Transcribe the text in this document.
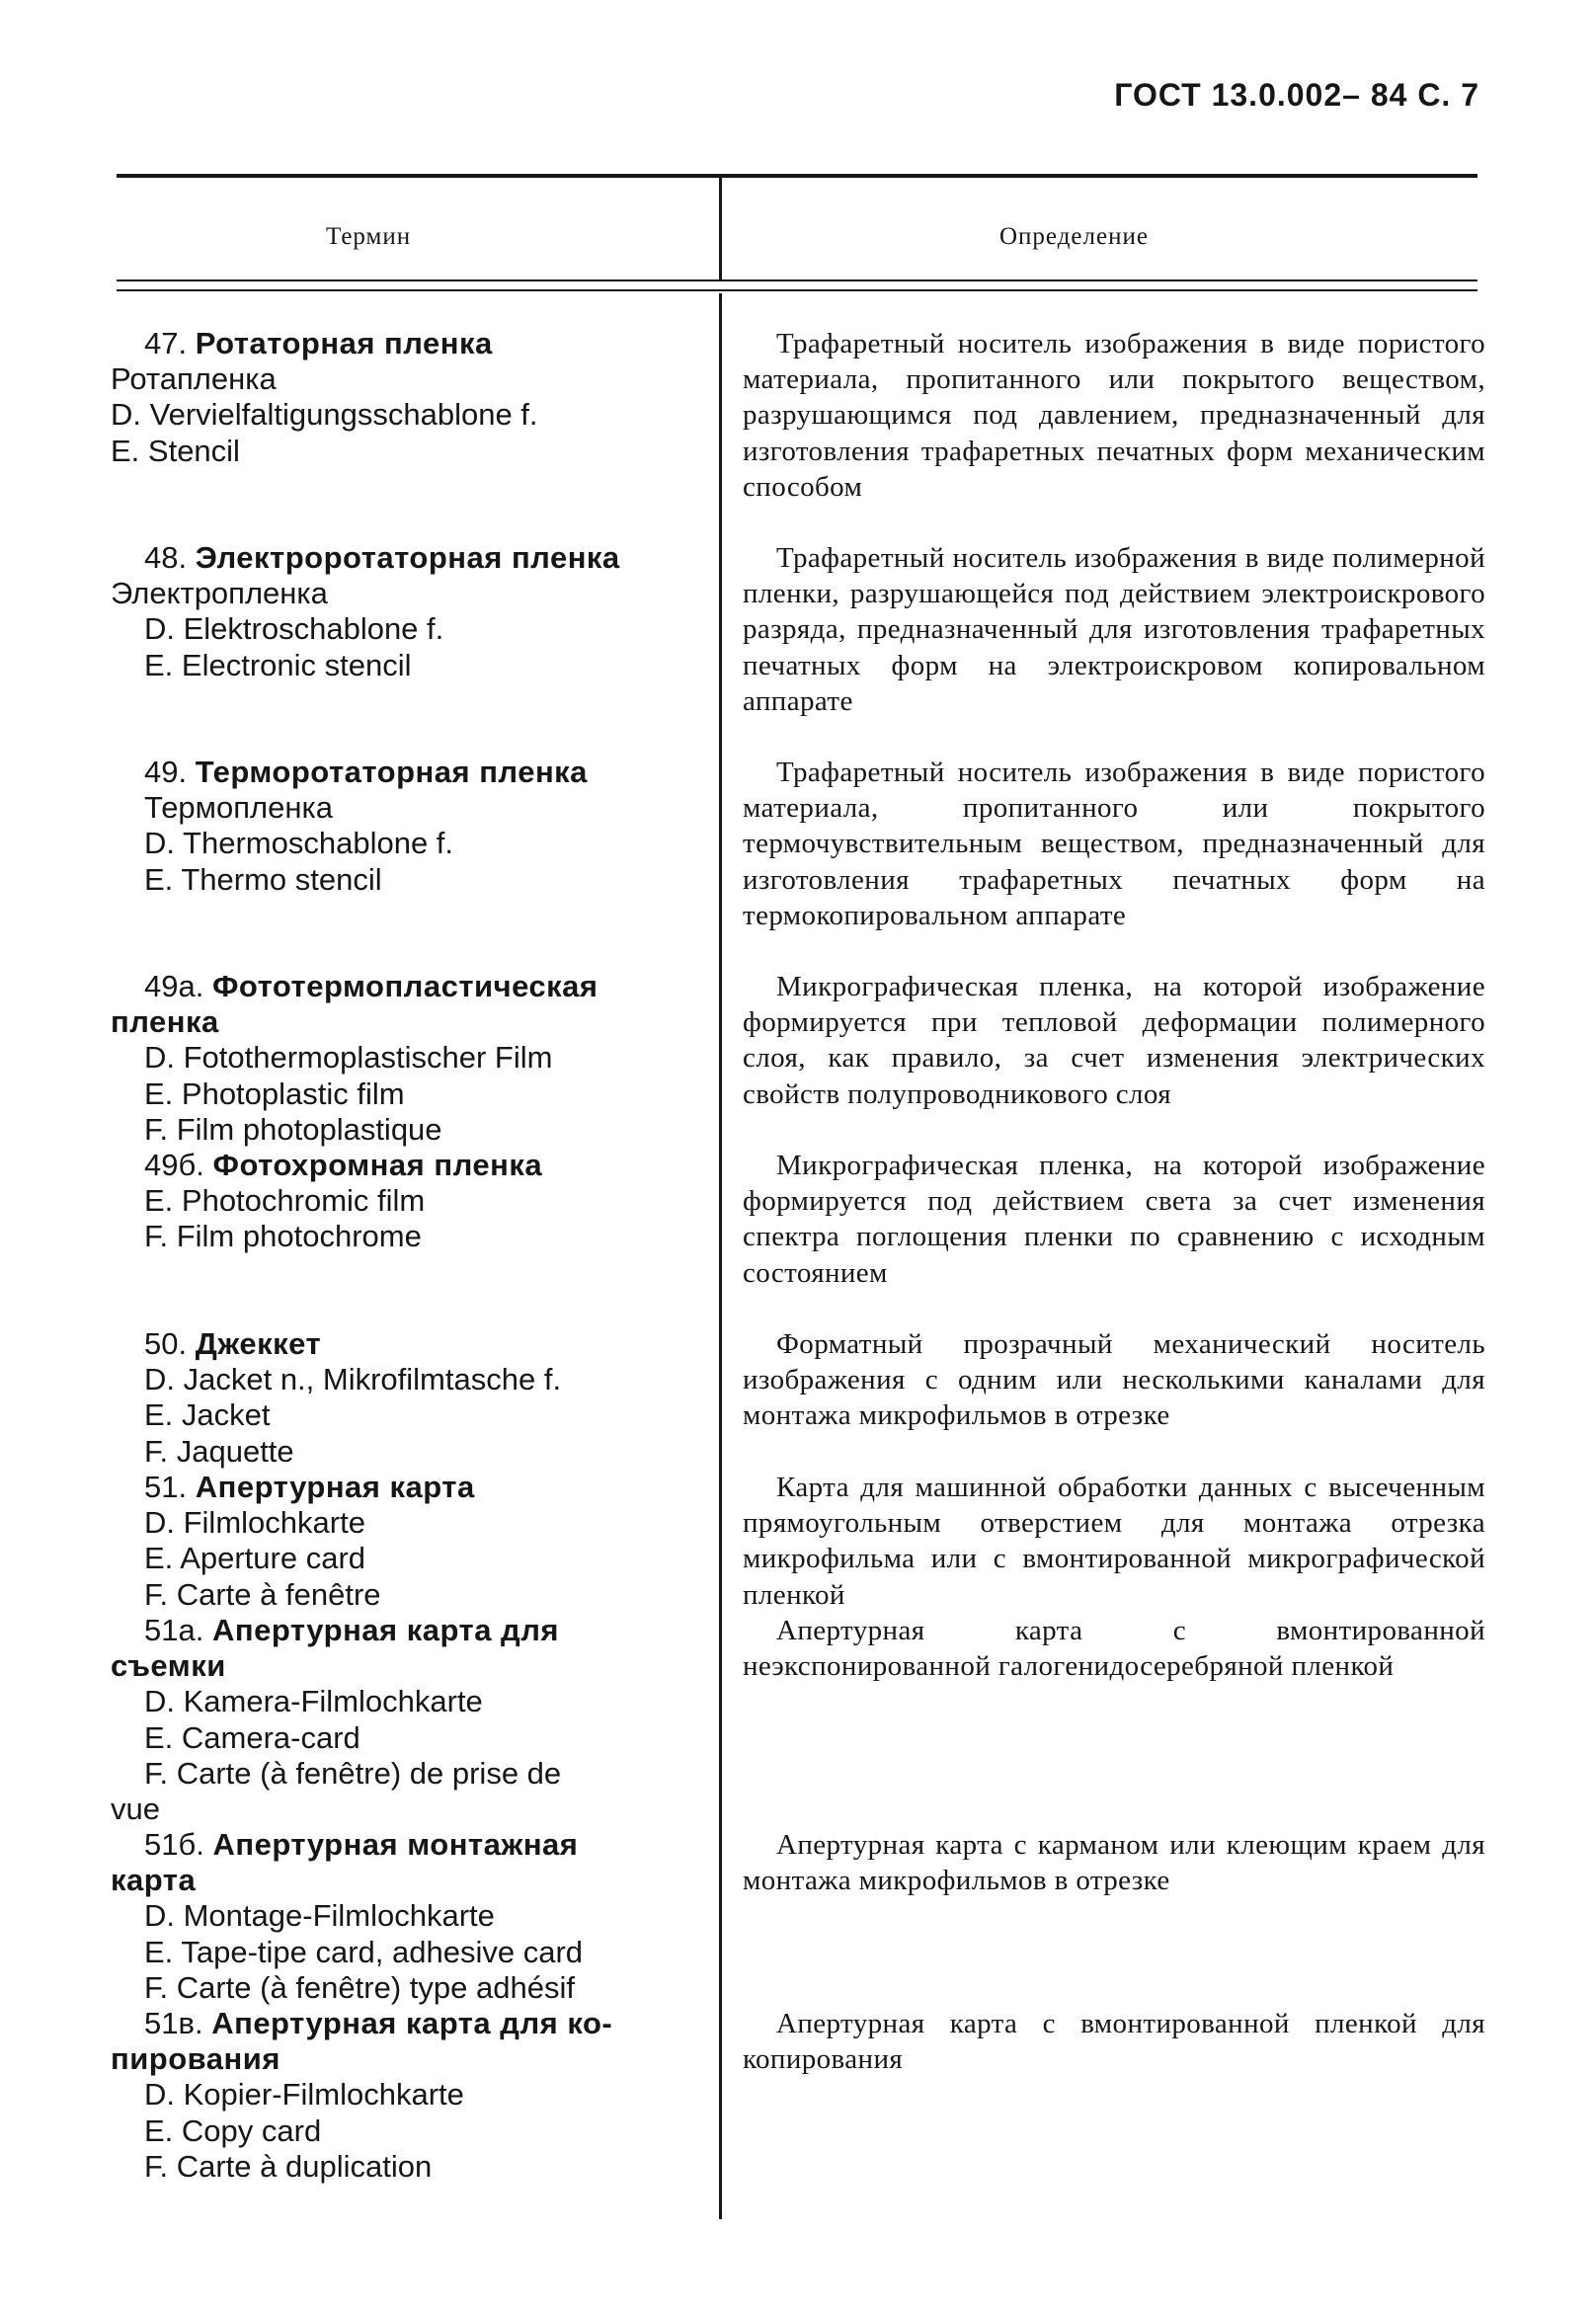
ГОСТ 13.0.002– 84 С. 7
Термин	Определение
47. Ротаторная пленка
Ротапленка
D. Vervielfaltigungsschablone f.
E. Stencil
Трафаретный носитель изображения в виде пористого материала, пропитанного или покрытого веществом, разрушающимся под давлением, предназначенный для изготовления трафаретных печатных форм механическим способом
48. Электроротаторная пленка
Электропленка
D. Elektroschablone f.
E. Electronic stencil
Трафаретный носитель изображения в виде полимерной пленки, разрушающейся под действием электроискрового разряда, предназначенный для изготовления трафаретных печатных форм на электроискровом копировальном аппарате
49. Терморотаторная пленка
Термопленка
D. Thermoschablone f.
E. Thermo stencil
Трафаретный носитель изображения в виде пористого материала, пропитанного или покрытого термочувствительным веществом, предназначенный для изготовления трафаретных печатных форм на термокопировальном аппарате
49а. Фототермопластическая
пленка
D. Fotothermoplastischer Film
E. Photoplastic film
F. Film photoplastique
Микрографическая пленка, на которой изображение формируется при тепловой деформации полимерного слоя, как правило, за счет изменения электрических свойств полупроводникового слоя
49б. Фотохромная пленка
E. Photochromic film
F. Film photochrome
Микрографическая пленка, на которой изображение формируется под действием света за счет изменения спектра поглощения пленки по сравнению с исходным состоянием
50. Джеккет
D. Jacket n., Mikrofilmtasche f.
E. Jacket
F. Jaquette
Форматный прозрачный механический носитель изображения с одним или несколькими каналами для монтажа микрофильмов в отрезке
51. Апертурная карта
D. Filmlochkarte
E. Aperture card
F. Carte à fenêtre
Карта для машинной обработки данных с высеченным прямоугольным отверстием для монтажа отрезка микрофильма или с вмонтированной микрографической пленкой
51а. Апертурная карта для
съемки
D. Kamera-Filmlochkarte
E. Camera-card
F. Carte (à fenêtre) de prise de
vue
Апертурная карта с вмонтированной неэкспонированной галогенидосеребряной пленкой
51б. Апертурная монтажная
карта
D. Montage-Filmlochkarte
E. Tape-tipe card, adhesive card
F. Carte (à fenêtre) type adhésif
Апертурная карта с карманом или клеющим краем для монтажа микрофильмов в отрезке
51в. Апертурная карта для ко-
пирования
D. Kopier-Filmlochkarte
E. Copy card
F. Carte à duplication
Апертурная карта с вмонтированной пленкой для копирования
